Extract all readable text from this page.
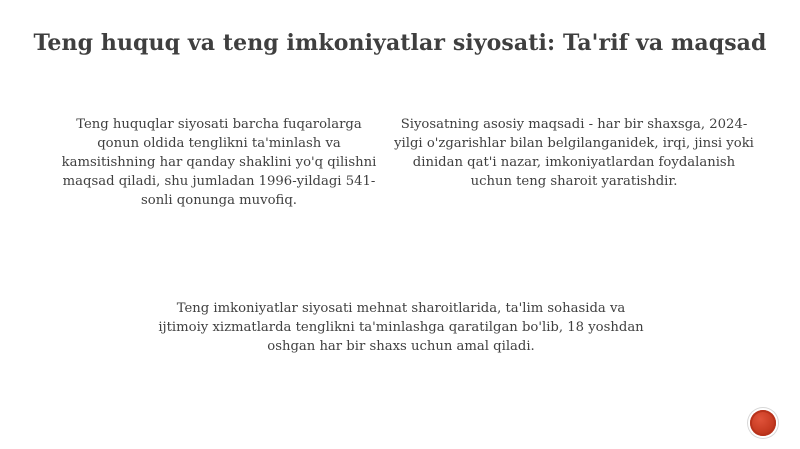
Teng huquq va teng imkoniyatlar siyosati: Ta'rif va maqsad
Teng huquqlar siyosati barcha fuqarolarga qonun oldida tenglikni ta'minlash va kamsitishning har qanday shaklini yo'q qilishni maqsad qiladi, shu jumladan 1996-yildagi 541-sonli qonunga muvofiq.
Siyosatning asosiy maqsadi - har bir shaxsga, 2024-yilgi o'zgarishlar bilan belgilanganidek, irqi, jinsi yoki dinidan qat'i nazar, imkoniyatlardan foydalanish uchun teng sharoit yaratishdir.
Teng imkoniyatlar siyosati mehnat sharoitlarida, ta'lim sohasida va ijtimoiy xizmatlarda tenglikni ta'minlashga qaratilgan bo'lib, 18 yoshdan oshgan har bir shaxs uchun amal qiladi.
